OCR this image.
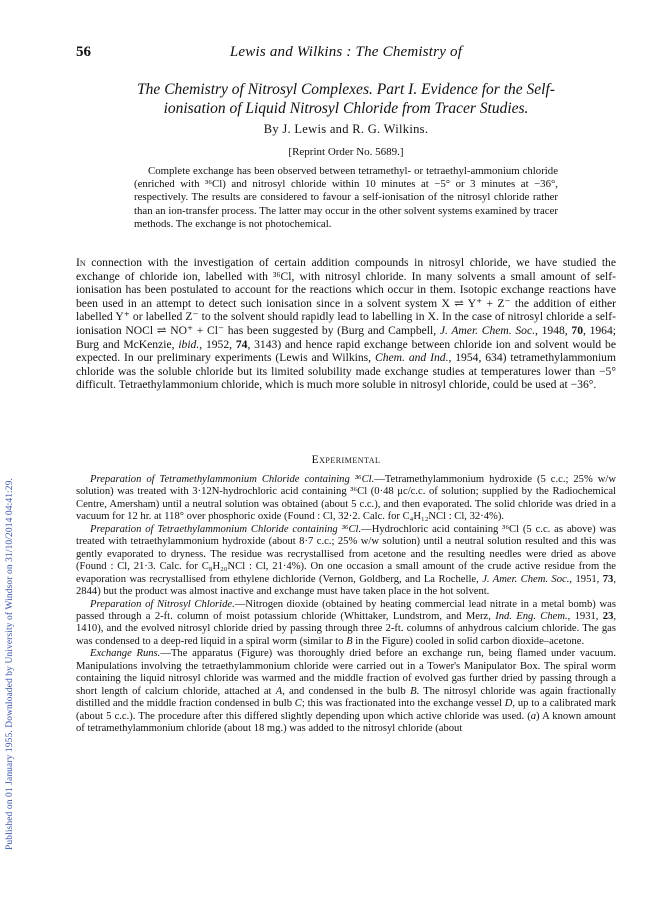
56	Lewis and Wilkins : The Chemistry of
Published on 01 January 1955. Downloaded by University of Windsor on 31/10/2014 04:41:29.
The Chemistry of Nitrosyl Complexes. Part I. Evidence for the Self-
ionisation of Liquid Nitrosyl Chloride from Tracer Studies.
By J. Lewis and R. G. Wilkins.
[Reprint Order No. 5689.]
Complete exchange has been observed between tetramethyl- or tetraethyl-ammonium chloride (enriched with ³⁶Cl) and nitrosyl chloride within 10 minutes at −5° or 3 minutes at −36°, respectively. The results are considered to favour a self-ionisation of the nitrosyl chloride rather than an ion-transfer process. The latter may occur in the other solvent systems examined by tracer methods. The exchange is not photochemical.

In connection with the investigation of certain addition compounds in nitrosyl chloride, we have studied the exchange of chloride ion, labelled with ³⁶Cl, with nitrosyl chloride. In many solvents a small amount of self-ionisation has been postulated to account for the reactions which occur in them. Isotopic exchange reactions have been used in an attempt to detect such ionisation since in a solvent system X ⇌ Y⁺ + Z⁻ the addition of either labelled Y⁺ or labelled Z⁻ to the solvent should rapidly lead to labelling in X. In the case of nitrosyl chloride a self-ionisation NOCl ⇌ NO⁺ + Cl⁻ has been suggested by (Burg and Campbell, J. Amer. Chem. Soc., 1948, 70, 1964; Burg and McKenzie, ibid., 1952, 74, 3143) and hence rapid exchange between chloride ion and solvent would be expected. In our preliminary experiments (Lewis and Wilkins, Chem. and Ind., 1954, 634) tetramethylammonium chloride was the soluble chloride but its limited solubility made exchange studies at temperatures lower than −5° difficult. Tetraethylammonium chloride, which is much more soluble in nitrosyl chloride, could be used at −36°.

Experimental

Preparation of Tetramethylammonium Chloride containing ³⁶Cl.—Tetramethylammonium hydroxide (5 c.c.; 25% w/w solution) was treated with 3·12N-hydrochloric acid containing ³⁶Cl (0·48 μc/c.c. of solution; supplied by the Radiochemical Centre, Amersham) until a neutral solution was obtained (about 5 c.c.), and then evaporated. The solid chloride was dried in a vacuum for 12 hr. at 118° over phosphoric oxide (Found : Cl, 32·2. Calc. for C₄H₁₂NCl : Cl, 32·4%).

Preparation of Tetraethylammonium Chloride containing ³⁶Cl.—Hydrochloric acid containing ³⁶Cl (5 c.c. as above) was treated with tetraethylammonium hydroxide (about 8·7 c.c.; 25% w/w solution) until a neutral solution resulted and this was gently evaporated to dryness. The residue was recrystallised from acetone and the resulting needles were dried as above (Found : Cl, 21·3. Calc. for C₈H₂₀NCl : Cl, 21·4%). On one occasion a small amount of the crude active residue from the evaporation was recrystallised from ethylene dichloride (Vernon, Goldberg, and La Rochelle, J. Amer. Chem. Soc., 1951, 73, 2844) but the product was almost inactive and exchange must have taken place in the hot solvent.

Preparation of Nitrosyl Chloride.—Nitrogen dioxide (obtained by heating commercial lead nitrate in a metal bomb) was passed through a 2-ft. column of moist potassium chloride (Whittaker, Lundstrom, and Merz, Ind. Eng. Chem., 1931, 23, 1410), and the evolved nitrosyl chloride dried by passing through three 2-ft. columns of anhydrous calcium chloride. The gas was condensed to a deep-red liquid in a spiral worm (similar to B in the Figure) cooled in solid carbon dioxide–acetone.

Exchange Runs.—The apparatus (Figure) was thoroughly dried before an exchange run, being flamed under vacuum. Manipulations involving the tetraethylammonium chloride were carried out in a Tower's Manipulator Box. The spiral worm containing the liquid nitrosyl chloride was warmed and the middle fraction of evolved gas further dried by passing through a short length of calcium chloride, attached at A, and condensed in the bulb B. The nitrosyl chloride was again fractionally distilled and the middle fraction condensed in bulb C; this was fractionated into the exchange vessel D, up to a calibrated mark (about 5 c.c.). The procedure after this differed slightly depending upon which active chloride was used. (a) A known amount of tetramethylammonium chloride (about 18 mg.) was added to the nitrosyl chloride (about
